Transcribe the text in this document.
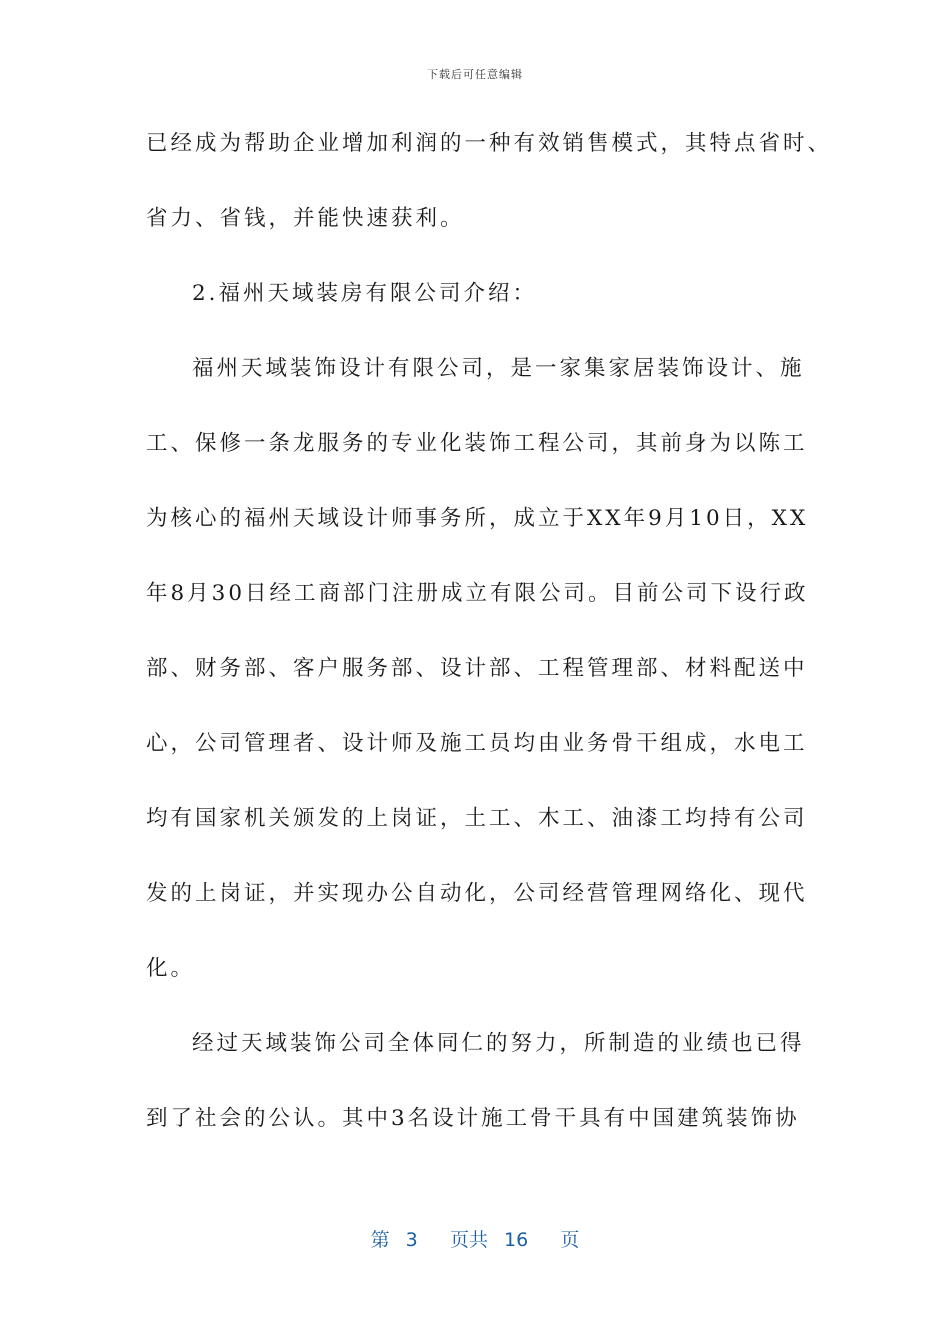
下载后可任意编辑
已经成为帮助企业增加利润的一种有效销售模式，其特点省时、
省力、省钱，并能快速获利。
2.福州天域装房有限公司介绍：
福州天域装饰设计有限公司，是一家集家居装饰设计、施
工、保修一条龙服务的专业化装饰工程公司，其前身为以陈工
为核心的福州天域设计师事务所，成立于XX年9月10日，XX
年8月30日经工商部门注册成立有限公司。目前公司下设行政
部、财务部、客户服务部、设计部、工程管理部、材料配送中
心，公司管理者、设计师及施工员均由业务骨干组成，水电工
均有国家机关颁发的上岗证，土工、木工、油漆工均持有公司
发的上岗证，并实现办公自动化，公司经营管理网络化、现代
化。
经过天域装饰公司全体同仁的努力，所制造的业绩也已得
到了社会的公认。其中3名设计施工骨干具有中国建筑装饰协
第 3 页共 16 页
